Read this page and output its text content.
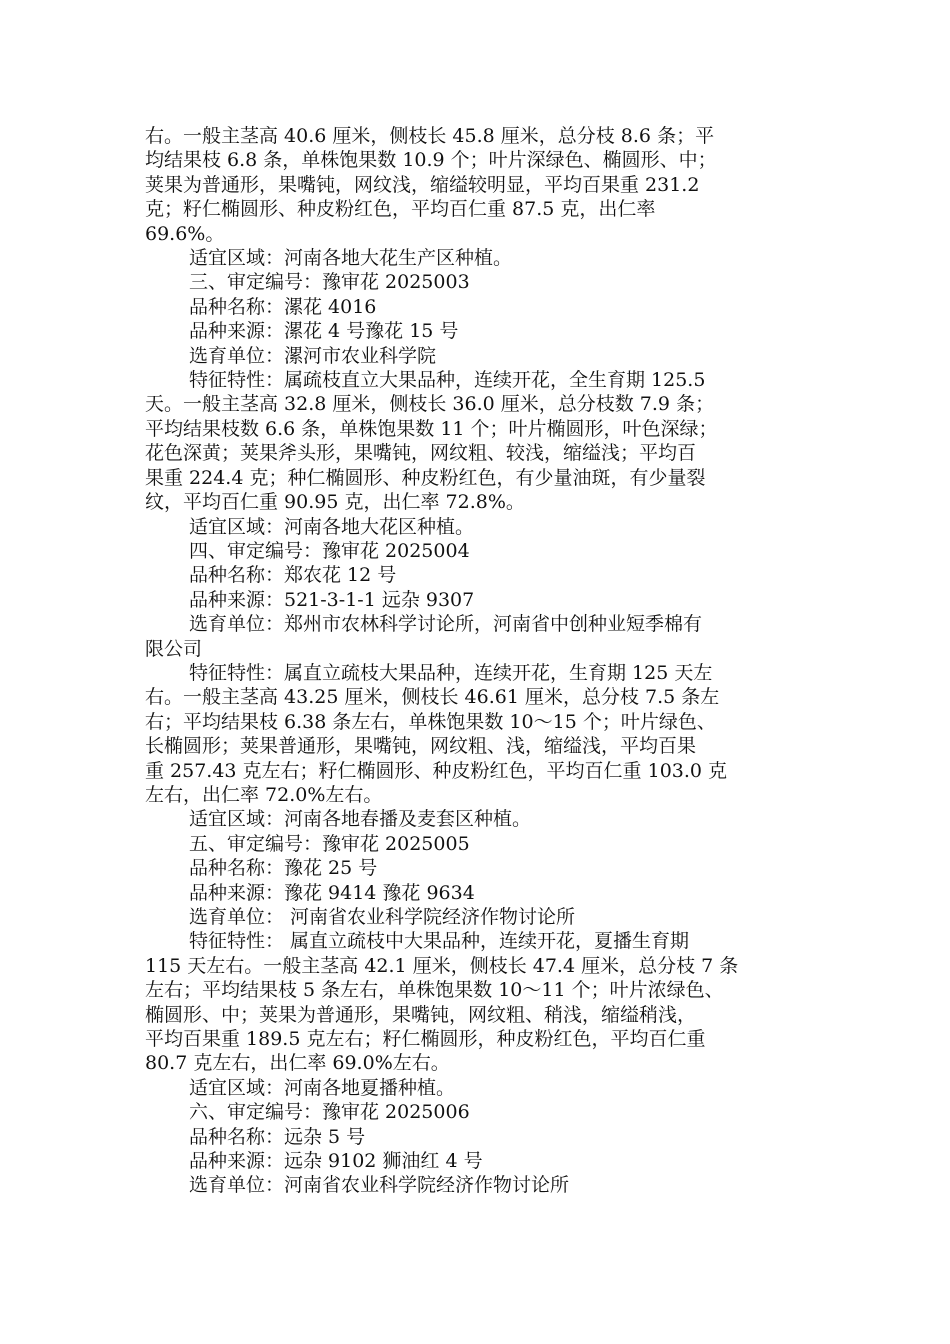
右。一般主茎高 40.6 厘米，侧枝长 45.8 厘米，总分枝 8.6 条；平

均结果枝 6.8 条，单株饱果数 10.9 个；叶片深绿色、椭圆形、中；

荚果为普通形，果嘴钝，网纹浅，缩缢较明显，平均百果重 231.2

克；籽仁椭圆形、种皮粉红色，平均百仁重 87.5 克，出仁率

69.6%。

适宜区域：河南各地大花生产区种植。

三、审定编号：豫审花 2025003

品种名称：漯花 4016

品种来源：漯花 4 号豫花 15 号

选育单位：漯河市农业科学院

特征特性：属疏枝直立大果品种，连续开花，全生育期 125.5

天。一般主茎高 32.8 厘米，侧枝长 36.0 厘米，总分枝数 7.9 条；

平均结果枝数 6.6 条，单株饱果数 11 个；叶片椭圆形，叶色深绿；

花色深黄；荚果斧头形，果嘴钝，网纹粗、较浅，缩缢浅；平均百

果重 224.4 克；种仁椭圆形、种皮粉红色，有少量油斑，有少量裂

纹，平均百仁重 90.95 克，出仁率 72.8%。

适宜区域：河南各地大花区种植。

四、审定编号：豫审花 2025004

品种名称：郑农花 12 号

品种来源：521-3-1-1 远杂 9307

选育单位：郑州市农林科学讨论所，河南省中创种业短季棉有

限公司

特征特性：属直立疏枝大果品种，连续开花，生育期 125 天左

右。一般主茎高 43.25 厘米，侧枝长 46.61 厘米，总分枝 7.5 条左

右；平均结果枝 6.38 条左右，单株饱果数 10～15 个；叶片绿色、

长椭圆形；荚果普通形，果嘴钝，网纹粗、浅，缩缢浅，平均百果

重 257.43 克左右；籽仁椭圆形、种皮粉红色，平均百仁重 103.0 克

左右，出仁率 72.0%左右。

适宜区域：河南各地春播及麦套区种植。

五、审定编号：豫审花 2025005

品种名称：豫花 25 号

品种来源：豫花 9414 豫花 9634

选育单位： 河南省农业科学院经济作物讨论所

特征特性： 属直立疏枝中大果品种，连续开花，夏播生育期

115 天左右。一般主茎高 42.1 厘米，侧枝长 47.4 厘米，总分枝 7 条

左右；平均结果枝 5 条左右，单株饱果数 10～11 个；叶片浓绿色、

椭圆形、中；荚果为普通形，果嘴钝，网纹粗、稍浅，缩缢稍浅，

平均百果重 189.5 克左右；籽仁椭圆形，种皮粉红色，平均百仁重

80.7 克左右，出仁率 69.0%左右。

适宜区域：河南各地夏播种植。

六、审定编号：豫审花 2025006

品种名称：远杂 5 号

品种来源：远杂 9102 狮油红 4 号

选育单位：河南省农业科学院经济作物讨论所
